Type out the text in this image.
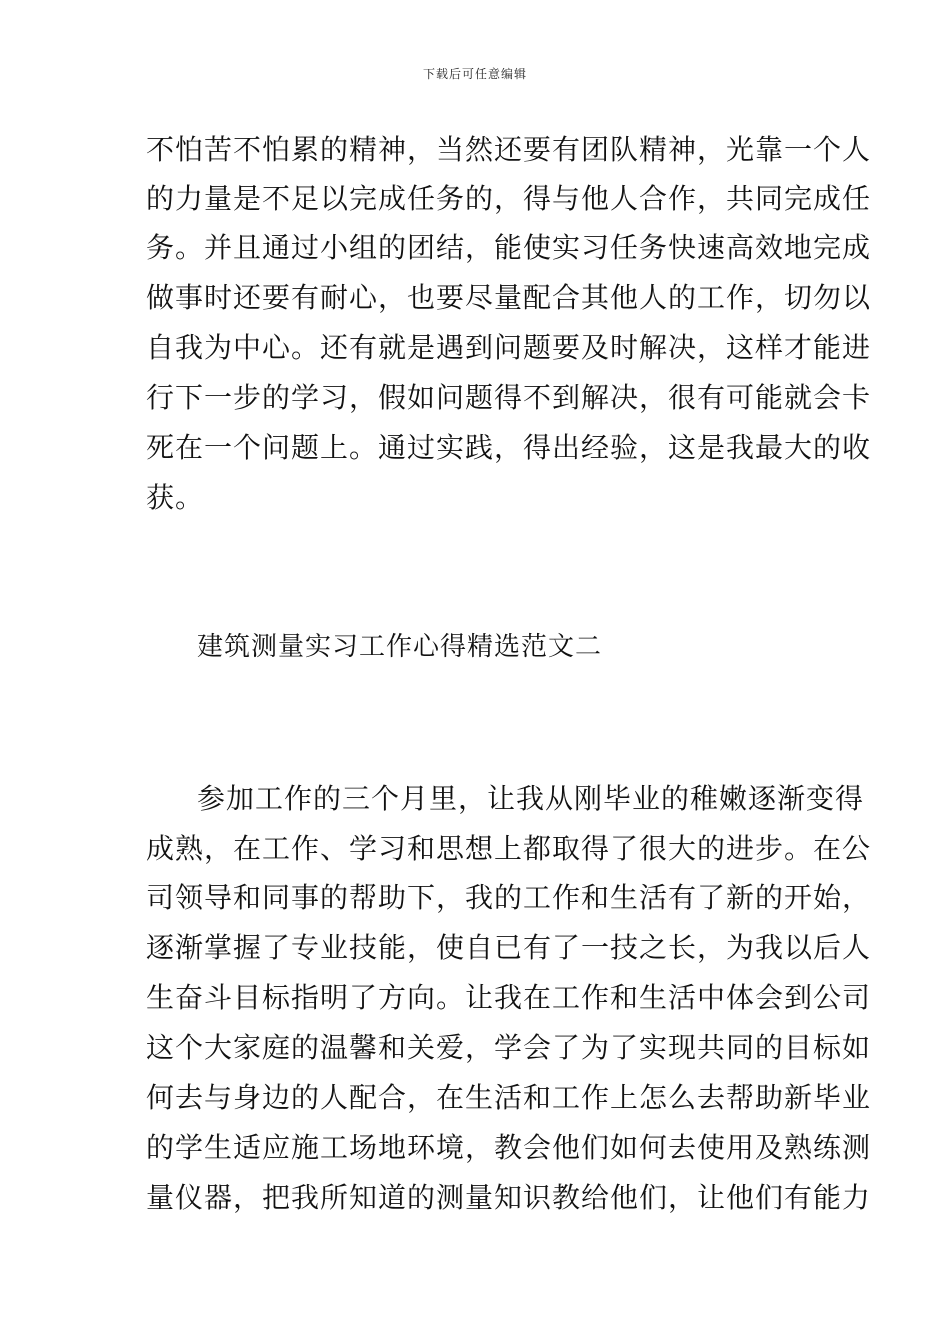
下载后可任意编辑
不怕苦不怕累的精神，当然还要有团队精神，光靠一个人
的力量是不足以完成任务的，得与他人合作，共同完成任
务。并且通过小组的团结，能使实习任务快速高效地完成
做事时还要有耐心，也要尽量配合其他人的工作，切勿以
自我为中心。还有就是遇到问题要及时解决，这样才能进
行下一步的学习，假如问题得不到解决，很有可能就会卡
死在一个问题上。通过实践，得出经验，这是我最大的收
获。
建筑测量实习工作心得精选范文二
参加工作的三个月里，让我从刚毕业的稚嫩逐渐变得
成熟，在工作、学习和思想上都取得了很大的进步。在公
司领导和同事的帮助下，我的工作和生活有了新的开始，
逐渐掌握了专业技能，使自已有了一技之长，为我以后人
生奋斗目标指明了方向。让我在工作和生活中体会到公司
这个大家庭的温馨和关爱，学会了为了实现共同的目标如
何去与身边的人配合，在生活和工作上怎么去帮助新毕业
的学生适应施工场地环境，教会他们如何去使用及熟练测
量仪器，把我所知道的测量知识教给他们，让他们有能力
